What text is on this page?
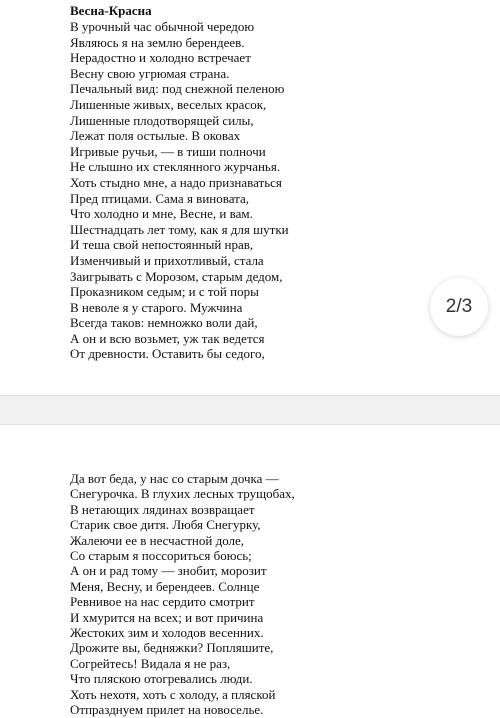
Весна-Красна
В урочный час обычной чередою
Являюсь я на землю берендеев.
Нерадостно и холодно встречает
Весну свою угрюмая страна.
Печальный вид: под снежной пеленою
Лишенные живых, веселых красок,
Лишенные плодотворящей силы,
Лежат поля остылые. В оковах
Игривые ручьи, — в тиши полночи
Не слышно их стеклянного журчанья.
Хоть стыдно мне, а надо признаваться
Пред птицами. Сама я виновата,
Что холодно и мне, Весне, и вам.
Шестнадцать лет тому, как я для шутки
И теша свой непостоянный нрав,
Изменчивый и прихотливый, стала
Заигрывать с Морозом, старым дедом,
Проказником седым; и с той поры
В неволе я у старого. Мужчина
Всегда таков: немножко воли дай,
А он и всю возьмет, уж так ведется
От древности. Оставить бы седого,
2/3
Да вот беда, у нас со старым дочка —
Снегурочка. В глухих лесных трущобах,
В нетающих лядинах возвращает
Старик свое дитя. Любя Снегурку,
Жалеючи ее в несчастной доле,
Со старым я поссориться боюсь;
А он и рад тому — знобит, морозит
Меня, Весну, и берендеев. Солнце
Ревнивое на нас сердито смотрит
И хмурится на всех; и вот причина
Жестоких зим и холодов весенних.
Дрожите вы, бедняжки? Попляшите,
Согрейтесь! Видала я не раз,
Что пляскою отогревались люди.
Хоть нехотя, хоть с холоду, а пляской
Отпразднуем прилет на новоселье.
